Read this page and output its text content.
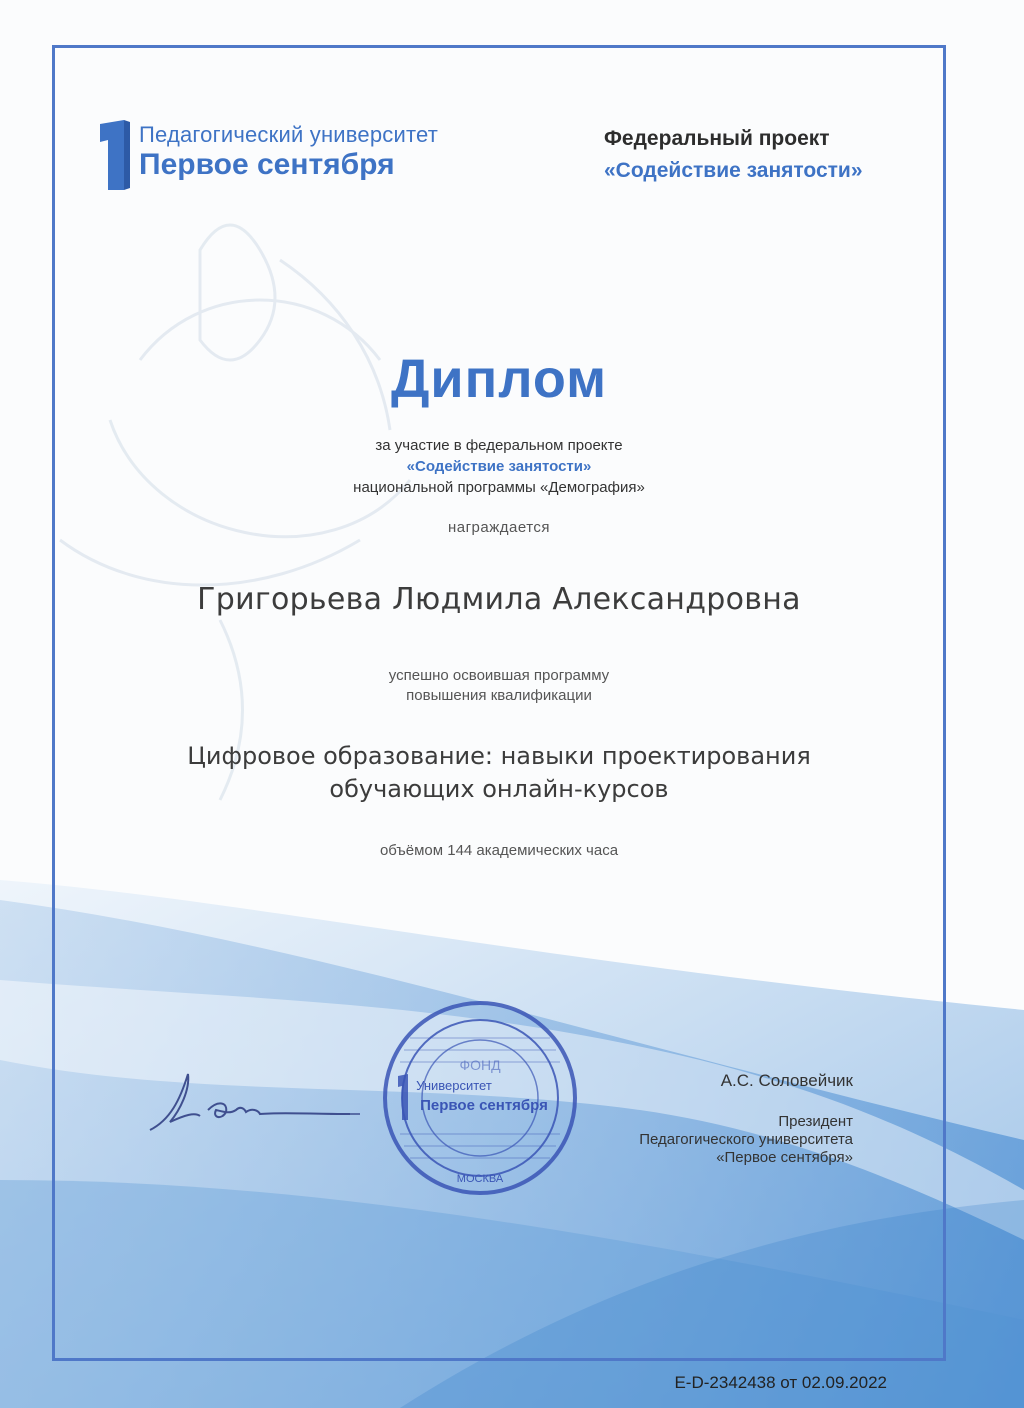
Педагогический университет
Первое сентября
Федеральный проект
«Содействие занятости»
Диплом
за участие в федеральном проекте
«Содействие занятости»
национальной программы «Демография»
награждается
Григорьева Людмила Александровна
успешно освоившая программу
повышения квалификации
Цифровое образование: навыки проектирования
обучающих онлайн-курсов
объёмом 144 академических часа
ФОНД
Университет
Первое сентября
МОСКВА
А.С. Соловейчик
Президент
Педагогического университета
«Первое сентября»
E-D-2342438 от 02.09.2022
